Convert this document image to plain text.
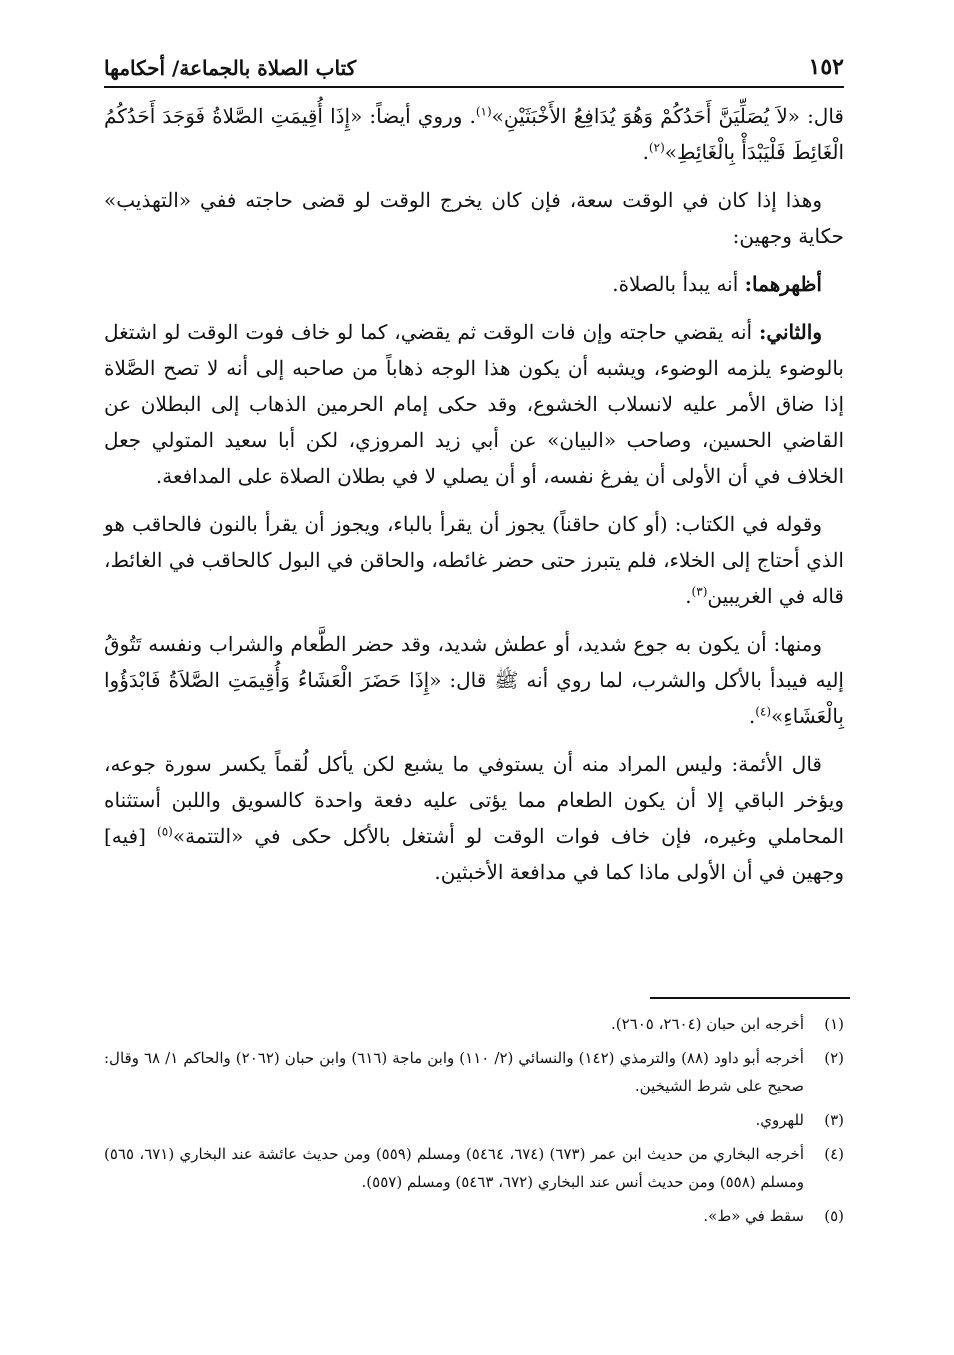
١٥٢
كتاب الصلاة بالجماعة/ أحكامها

قال: «لاَ يُصَلِّيَنَّ أَحَدُكُمْ وَهُوَ يُدَافِعُ الأَخْبَثَيْنِ»$^{(١)}$. وروي أيضاً: «إِذَا أُقِيمَتِ الصَّلاةُ فَوَجَدَ أَحَدُكُمُ الْغَائِطَ فَلْيَبْدَأْ بِالْغَائِطِ»$^{(٢)}$.

وهذا إذا كان في الوقت سعة، فإن كان يخرج الوقت لو قضى حاجته ففي «التهذيب» حكاية وجهين:

أظهرهما: أنه يبدأ بالصلاة.

والثاني: أنه يقضي حاجته وإن فات الوقت ثم يقضي، كما لو خاف فوت الوقت لو اشتغل بالوضوء يلزمه الوضوء، ويشبه أن يكون هذا الوجه ذهاباً من صاحبه إلى أنه لا تصح الصَّلاة إذا ضاق الأمر عليه لانسلاب الخشوع، وقد حكى إمام الحرمين الذهاب إلى البطلان عن القاضي الحسين، وصاحب «البيان» عن أبي زيد المروزي، لكن أبا سعيد المتولي جعل الخلاف في أن الأولى أن يفرغ نفسه، أو أن يصلي لا في بطلان الصلاة على المدافعة.

وقوله في الكتاب: (أو كان حاقناً) يجوز أن يقرأ بالباء، ويجوز أن يقرأ بالنون فالحاقب هو الذي أحتاج إلى الخلاء، فلم يتبرز حتى حضر غائطه، والحاقن في البول كالحاقب في الغائط، قاله في الغريبين$^{(٣)}$.

ومنها: أن يكون به جوع شديد، أو عطش شديد، وقد حضر الطَّعام والشراب ونفسه تَتُوقُ إليه فيبدأ بالأكل والشرب، لما روي أنه ﷺ قال: «إِذَا حَضَرَ الْعَشَاءُ وَأُقِيمَتِ الصَّلاَةُ فَابْدَؤُوا بِالْعَشَاءِ»$^{(٤)}$.

قال الأئمة: وليس المراد منه أن يستوفي ما يشبع لكن يأكل لُقماً يكسر سورة جوعه، ويؤخر الباقي إلا أن يكون الطعام مما يؤتى عليه دفعة واحدة كالسويق واللبن أستثناه المحاملي وغيره، فإن خاف فوات الوقت لو أشتغل بالأكل حكى في «التتمة»$^{(٥)}$ [فيه] وجهين في أن الأولى ماذا كما في مدافعة الأخبثين.

(١)
أخرجه ابن حبان (٢٦٠٤، ٢٦٠٥).
(٢)
أخرجه أبو داود (٨٨) والترمذي (١٤٢) والنسائي (٢/ ١١٠) وابن ماجة (٦١٦) وابن حبان (٢٠٦٢) والحاكم ١/ ٦٨ وقال: صحيح على شرط الشيخين.
(٣)
للهروي.
(٤)
أخرجه البخاري من حديث ابن عمر (٦٧٣) (٦٧٤، ٥٤٦٤) ومسلم (٥٥٩) ومن حديث عائشة عند البخاري (٦٧١، ٥٦٥) ومسلم (٥٥٨) ومن حديث أنس عند البخاري (٦٧٢، ٥٤٦٣) ومسلم (٥٥٧).
(٥)
سقط في «ط».
